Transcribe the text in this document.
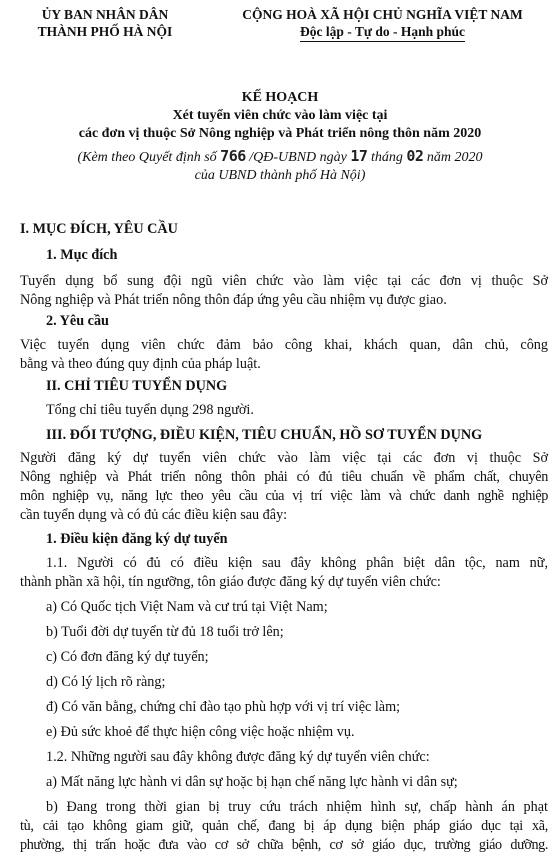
ỦY BAN NHÂN DÂN
THÀNH PHỐ HÀ NỘI
CỘNG HOÀ XÃ HỘI CHỦ NGHĨA VIỆT NAM
Độc lập - Tự do - Hạnh phúc
KẾ HOẠCH
Xét tuyển viên chức vào làm việc tại
các đơn vị thuộc Sở Nông nghiệp và Phát triển nông thôn năm 2020
(Kèm theo Quyết định số 766 /QĐ-UBND ngày 17 tháng 02 năm 2020
của UBND thành phố Hà Nội)
I. MỤC ĐÍCH, YÊU CẦU
1. Mục đích
Tuyển dụng bổ sung đội ngũ viên chức vào làm việc tại các đơn vị thuộc Sở
Nông nghiệp và Phát triển nông thôn đáp ứng yêu cầu nhiệm vụ được giao.
2. Yêu cầu
Việc tuyển dụng viên chức đảm bảo công khai, khách quan, dân chủ, công
bằng và theo đúng quy định của pháp luật.
II. CHỈ TIÊU TUYỂN DỤNG
Tổng chỉ tiêu tuyển dụng 298 người.
III. ĐỐI TƯỢNG, ĐIỀU KIỆN, TIÊU CHUẨN, HỒ SƠ TUYỂN DỤNG
Người đăng ký dự tuyển viên chức vào làm việc tại các đơn vị thuộc Sở
Nông nghiệp và Phát triển nông thôn phải có đủ tiêu chuẩn về phẩm chất, chuyên
môn nghiệp vụ, năng lực theo yêu cầu của vị trí việc làm và chức danh nghề nghiệp
cần tuyển dụng và có đủ các điều kiện sau đây:
1. Điều kiện đăng ký dự tuyển
1.1. Người có đủ có điều kiện sau đây không phân biệt dân tộc, nam nữ,
thành phần xã hội, tín ngưỡng, tôn giáo được đăng ký dự tuyển viên chức:
a) Có Quốc tịch Việt Nam và cư trú tại Việt Nam;
b) Tuổi đời dự tuyển từ đủ 18 tuổi trở lên;
c) Có đơn đăng ký dự tuyển;
d) Có lý lịch rõ ràng;
đ) Có văn bằng, chứng chỉ đào tạo phù hợp với vị trí việc làm;
e) Đủ sức khoẻ để thực hiện công việc hoặc nhiệm vụ.
1.2. Những người sau đây không được đăng ký dự tuyển viên chức:
a) Mất năng lực hành vi dân sự hoặc bị hạn chế năng lực hành vi dân sự;
b) Đang trong thời gian bị truy cứu trách nhiệm hình sự, chấp hành án phạt
tù, cải tạo không giam giữ, quản chế, đang bị áp dụng biện pháp giáo dục tại xã,
phường, thị trấn hoặc đưa vào cơ sở chữa bệnh, cơ sở giáo dục, trường giáo dưỡng.
